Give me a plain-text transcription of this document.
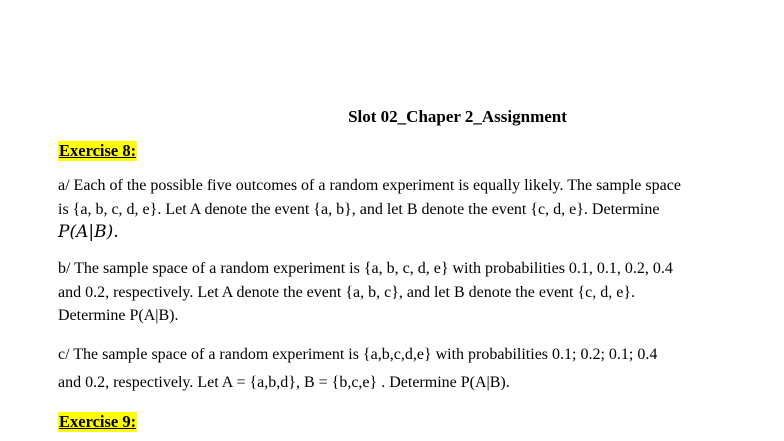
Slot 02_Chaper 2_Assignment
Exercise 8:
a/ Each of the possible five outcomes of a random experiment is equally likely. The sample space
is {a, b, c, d, e}. Let A denote the event {a, b}, and let B denote the event {c, d, e}. Determine
P(A|B).
b/ The sample space of a random experiment is {a, b, c, d, e} with probabilities 0.1, 0.1, 0.2, 0.4
and 0.2, respectively. Let A denote the event {a, b, c}, and let B denote the event {c, d, e}.
Determine P(A|B).
c/ The sample space of a random experiment is {a,b,c,d,e} with probabilities 0.1; 0.2; 0.1; 0.4
and 0.2, respectively. Let A = {a,b,d}, B = {b,c,e} . Determine P(A|B).
Exercise 9:
